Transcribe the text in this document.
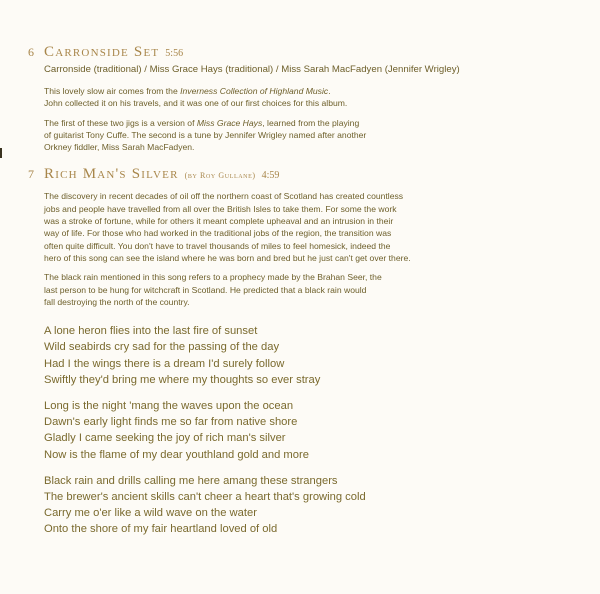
6 Carronside Set 5:56
Carronside (traditional) / Miss Grace Hays (traditional) / Miss Sarah MacFadyen (Jennifer Wrigley)
This lovely slow air comes from the Inverness Collection of Highland Music.
John collected it on his travels, and it was one of our first choices for this album.
The first of these two jigs is a version of Miss Grace Hays, learned from the playing
of guitarist Tony Cuffe. The second is a tune by Jennifer Wrigley named after another
Orkney fiddler, Miss Sarah MacFadyen.
7 Rich Man's Silver (by Roy Gullane) 4:59
The discovery in recent decades of oil off the northern coast of Scotland has created countless
jobs and people have travelled from all over the British Isles to take them. For some the work
was a stroke of fortune, while for others it meant complete upheaval and an intrusion in their
way of life. For those who had worked in the traditional jobs of the region, the transition was
often quite difficult. You don't have to travel thousands of miles to feel homesick, indeed the
hero of this song can see the island where he was born and bred but he just can't get over there.
The black rain mentioned in this song refers to a prophecy made by the Brahan Seer, the
last person to be hung for witchcraft in Scotland. He predicted that a black rain would
fall destroying the north of the country.
A lone heron flies into the last fire of sunset
Wild seabirds cry sad for the passing of the day
Had I the wings there is a dream I'd surely follow
Swiftly they'd bring me where my thoughts so ever stray
Long is the night 'mang the waves upon the ocean
Dawn's early light finds me so far from native shore
Gladly I came seeking the joy of rich man's silver
Now is the flame of my dear youthland gold and more
Black rain and drills calling me here amang these strangers
The brewer's ancient skills can't cheer a heart that's growing cold
Carry me o'er like a wild wave on the water
Onto the shore of my fair heartland loved of old
